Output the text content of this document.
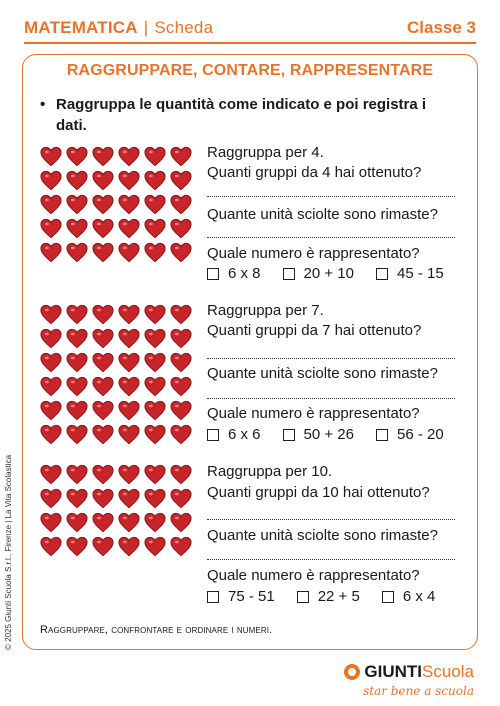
MATEMATICA | Scheda	Classe 3
RAGGRUPPARE, CONTARE, RAPPRESENTARE
• Raggruppa le quantità come indicato e poi registra i dati.
Raggruppa per 4.
Quanti gruppi da 4 hai ottenuto?
Quante unità sciolte sono rimaste?
Quale numero è rappresentato?
6 x 8	20 + 10	45 - 15
Raggruppa per 7.
Quanti gruppi da 7 hai ottenuto?
Quante unità sciolte sono rimaste?
Quale numero è rappresentato?
6 x 6	50 + 26	56 - 20
Raggruppa per 10.
Quanti gruppi da 10 hai ottenuto?
Quante unità sciolte sono rimaste?
Quale numero è rappresentato?
75 - 51	22 + 5	6 x 4
Raggruppare, confrontare e ordinare i numeri.
© 2025 Giunti Scuola S.r.l., Firenze | La Vita Scolastica
GIUNTI Scuola
star bene a scuola
